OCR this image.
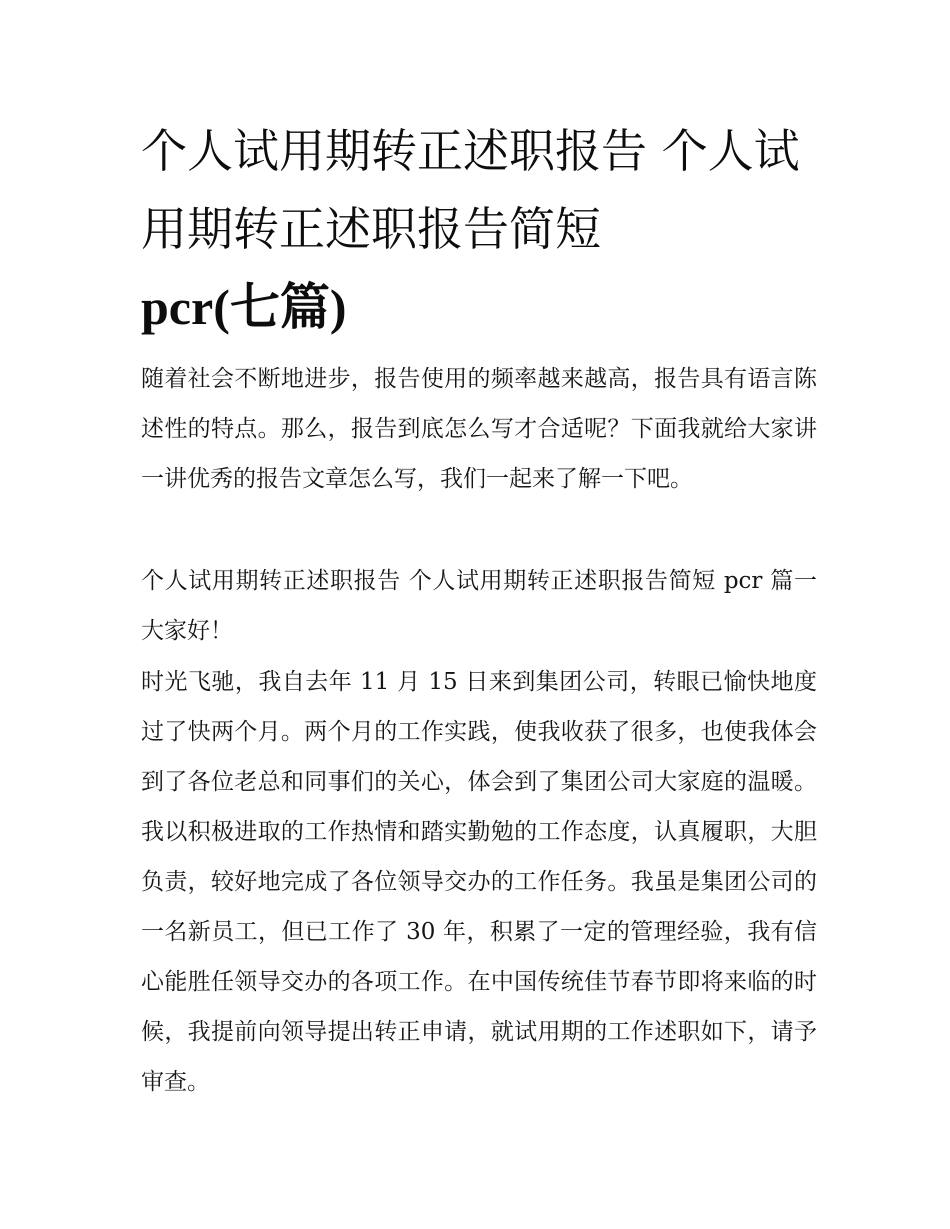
个人试用期转正述职报告 个人试用期转正述职报告简短
pcr(七篇)

随着社会不断地进步，报告使用的频率越来越高，报告具有语言陈述性的特点。那么，报告到底怎么写才合适呢？下面我就给大家讲一讲优秀的报告文章怎么写，我们一起来了解一下吧。

个人试用期转正述职报告 个人试用期转正述职报告简短 pcr 篇一 大家好！

时光飞驰，我自去年 11 月 15 日来到集团公司，转眼已愉快地度过了快两个月。两个月的工作实践，使我收获了很多，也使我体会到了各位老总和同事们的关心，体会到了集团公司大家庭的温暖。我以积极进取的工作热情和踏实勤勉的工作态度，认真履职，大胆负责，较好地完成了各位领导交办的工作任务。我虽是集团公司的一名新员工，但已工作了 30 年，积累了一定的管理经验，我有信心能胜任领导交办的各项工作。在中国传统佳节春节即将来临的时候，我提前向领导提出转正申请，就试用期的工作述职如下，请予审查。
